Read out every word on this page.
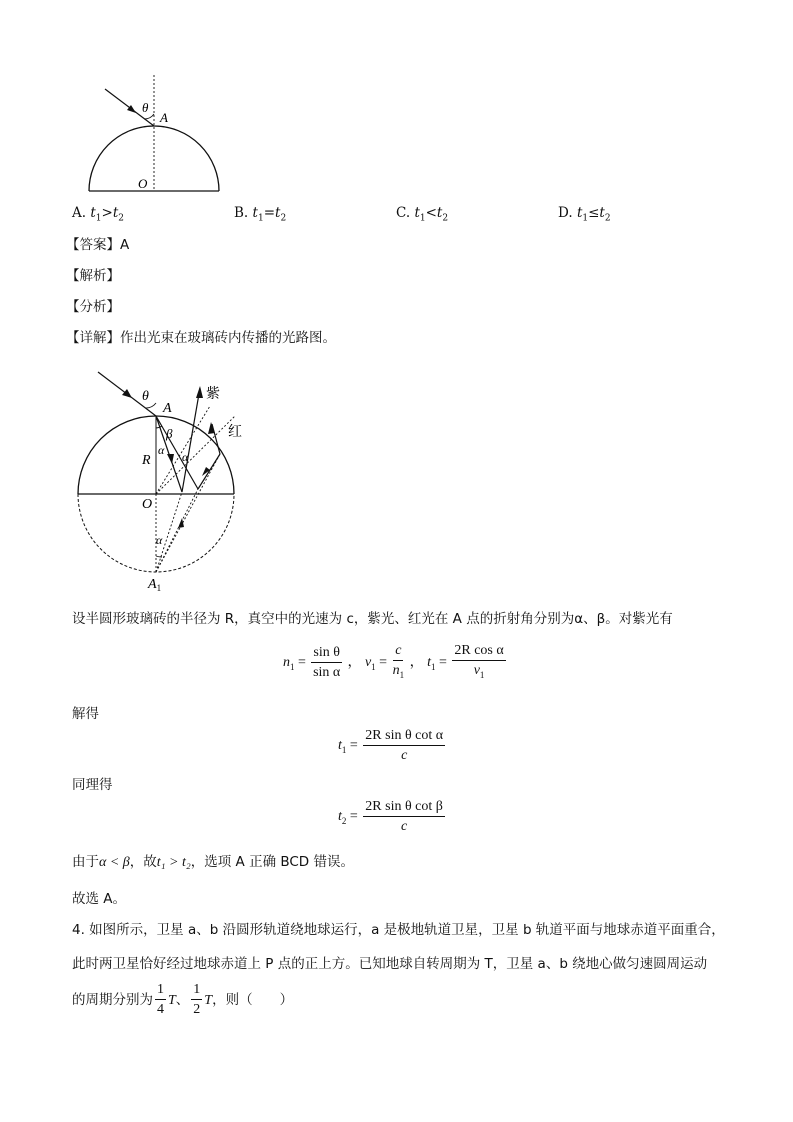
θ
A
O
A. $t_1>t_2$	B. $t_1=t_2$	C. $t_1<t_2$	D. $t_1\le t_2$
【答案】A
【解析】
【分析】
【详解】作出光束在玻璃砖内传播的光路图。
θ
A
β
α α
R
O
α
$A_1$
紫
红
设半圆形玻璃砖的半径为 R，真空中的光速为 c，紫光、红光在 A 点的折射角分别为α、β。对紫光有
$n_1 = \frac{\text{sin θ}}{\text{sin α}}$ ， $v_1 = \frac{c}{n_1}$ ， $t_1 = \frac{\text{2R cos α}}{v_1}$
解得
$t_1 = \frac{\text{2R sin θ cot α}}{c}$
同理得
$t_2 = \frac{\text{2R sin θ cot β}}{c}$
由于α < β，故t₁ > t₂，选项 A 正确 BCD 错误。
故选 A。
4. 如图所示，卫星 a、b 沿圆形轨道绕地球运行，a 是极地轨道卫星，卫星 b 轨道平面与地球赤道平面重合，
此时两卫星恰好经过地球赤道上 P 点的正上方。已知地球自转周期为 T，卫星 a、b 绕地心做匀速圆周运动
的周期分别为 $\frac{1}{4}$ T、 $\frac{1}{2}$ T，则（　　）
